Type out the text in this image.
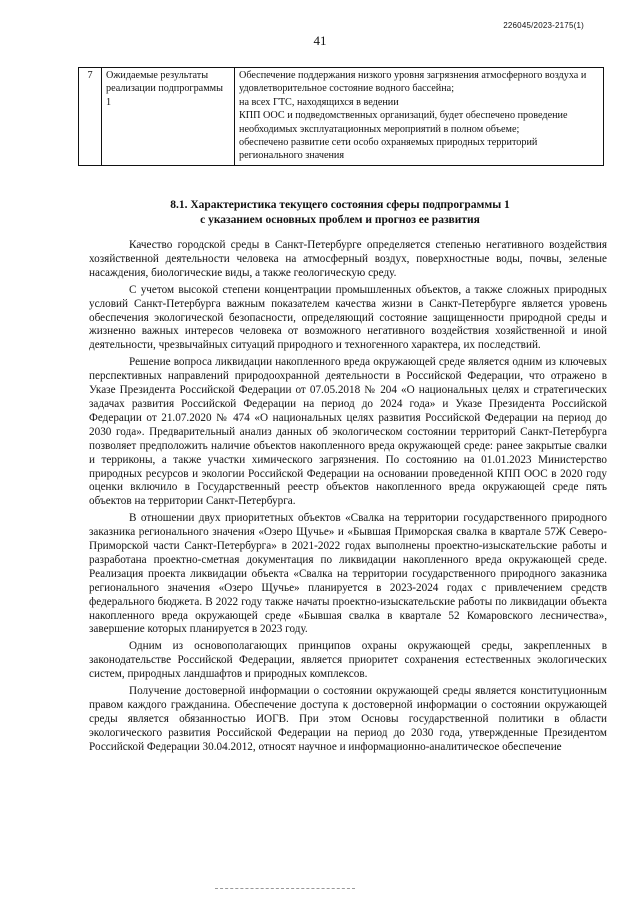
41
226045/2023-2175(1)
7	Ожидаемые результаты реализации подпрограммы 1	
Обеспечение поддержания низкого уровня загрязнения атмосферного воздуха и удовлетворительное состояние водного бассейна;
на всех ГТС, находящихся в ведении
КПП ООС и подведомственных организаций, будет обеспечено проведение необходимых эксплуатационных мероприятий в полном объеме;
обеспечено развитие сети особо охраняемых природных территорий регионального значения
8.1. Характеристика текущего состояния сферы подпрограммы 1
с указанием основных проблем и прогноз ее развития

Качество городской среды в Санкт-Петербурге определяется степенью негативного воздействия хозяйственной деятельности человека на атмосферный воздух, поверхностные воды, почвы, зеленые насаждения, биологические виды, а также геологическую среду.

С учетом высокой степени концентрации промышленных объектов, а также сложных природных условий Санкт-Петербурга важным показателем качества жизни в Санкт-Петербурге является уровень обеспечения экологической безопасности, определяющий состояние защищенности природной среды и жизненно важных интересов человека от возможного негативного воздействия хозяйственной и иной деятельности, чрезвычайных ситуаций природного и техногенного характера, их последствий.

Решение вопроса ликвидации накопленного вреда окружающей среде является одним из ключевых перспективных направлений природоохранной деятельности в Российской Федерации, что отражено в Указе Президента Российской Федерации от 07.05.2018 № 204 «О национальных целях и стратегических задачах развития Российской Федерации на период до 2024 года» и Указе Президента Российской Федерации от 21.07.2020 № 474 «О национальных целях развития Российской Федерации на период до 2030 года». Предварительный анализ данных об экологическом состоянии территорий Санкт-Петербурга позволяет предположить наличие объектов накопленного вреда окружающей среде: ранее закрытые свалки и терриконы, а также участки химического загрязнения. По состоянию на 01.01.2023 Министерство природных ресурсов и экологии Российской Федерации на основании проведенной КПП ООС в 2020 году оценки включило в Государственный реестр объектов накопленного вреда окружающей среде пять объектов на территории Санкт-Петербурга.

В отношении двух приоритетных объектов «Свалка на территории государственного природного заказника регионального значения «Озеро Щучье» и «Бывшая Приморская свалка в квартале 57Ж Северо-Приморской части Санкт-Петербурга» в 2021-2022 годах выполнены проектно-изыскательские работы и разработана проектно-сметная документация по ликвидации накопленного вреда окружающей среде. Реализация проекта ликвидации объекта «Свалка на территории государственного природного заказника регионального значения «Озеро Щучье» планируется в 2023-2024 годах с привлечением средств федерального бюджета. В 2022 году также начаты проектно-изыскательские работы по ликвидации объекта накопленного вреда окружающей среде «Бывшая свалка в квартале 52 Комаровского лесничества», завершение которых планируется в 2023 году.

Одним из основополагающих принципов охраны окружающей среды, закрепленных в законодательстве Российской Федерации, является приоритет сохранения естественных экологических систем, природных ландшафтов и природных комплексов.

Получение достоверной информации о состоянии окружающей среды является конституционным правом каждого гражданина. Обеспечение доступа к достоверной информации о состоянии окружающей среды является обязанностью ИОГВ. При этом Основы государственной политики в области экологического развития Российской Федерации на период до 2030 года, утвержденные Президентом Российской Федерации 30.04.2012, относят научное и информационно-аналитическое обеспечение
